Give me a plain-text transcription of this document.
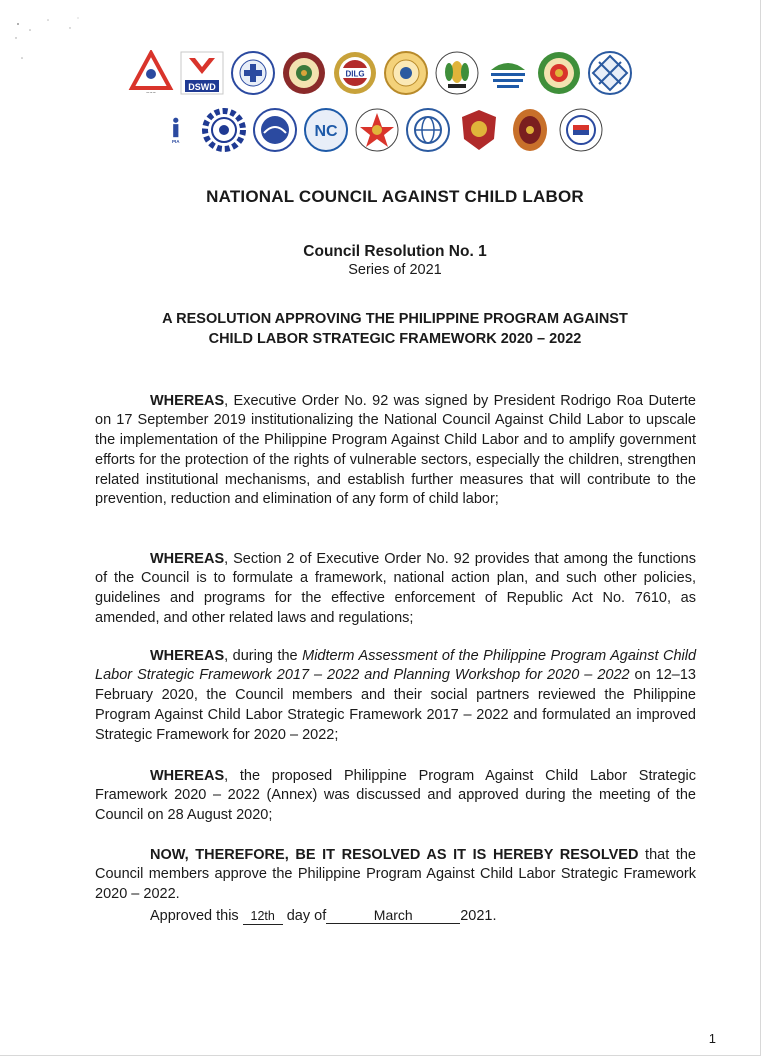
~~~
DSWD
DILG
PIA
NC
NATIONAL COUNCIL AGAINST CHILD LABOR
Council Resolution No. 1
Series of 2021
A RESOLUTION APPROVING THE PHILIPPINE PROGRAM AGAINST
CHILD LABOR STRATEGIC FRAMEWORK 2020 – 2022

WHEREAS, Executive Order No. 92 was signed by President Rodrigo Roa Duterte on 17 September 2019 institutionalizing the National Council Against Child Labor to upscale the implementation of the Philippine Program Against Child Labor and to amplify government efforts for the protection of the rights of vulnerable sectors, especially the children, strengthen related institutional mechanisms, and establish further measures that will contribute to the prevention, reduction and elimination of any form of child labor;

WHEREAS, Section 2 of Executive Order No. 92 provides that among the functions of the Council is to formulate a framework, national action plan, and such other policies, guidelines and programs for the effective enforcement of Republic Act No. 7610, as amended, and other related laws and regulations;

WHEREAS, during the Midterm Assessment of the Philippine Program Against Child Labor Strategic Framework 2017 – 2022 and Planning Workshop for 2020 – 2022 on 12–13 February 2020, the Council members and their social partners reviewed the Philippine Program Against Child Labor Strategic Framework 2017 – 2022 and formulated an improved Strategic Framework for 2020 – 2022;

WHEREAS, the proposed Philippine Program Against Child Labor Strategic Framework 2020 – 2022 (Annex) was discussed and approved during the meeting of the Council on 28 August 2020;

NOW, THEREFORE, BE IT RESOLVED AS IT IS HEREBY RESOLVED that the Council members approve the Philippine Program Against Child Labor Strategic Framework 2020 – 2022.

Approved this 12th day of	March	2021.
1
